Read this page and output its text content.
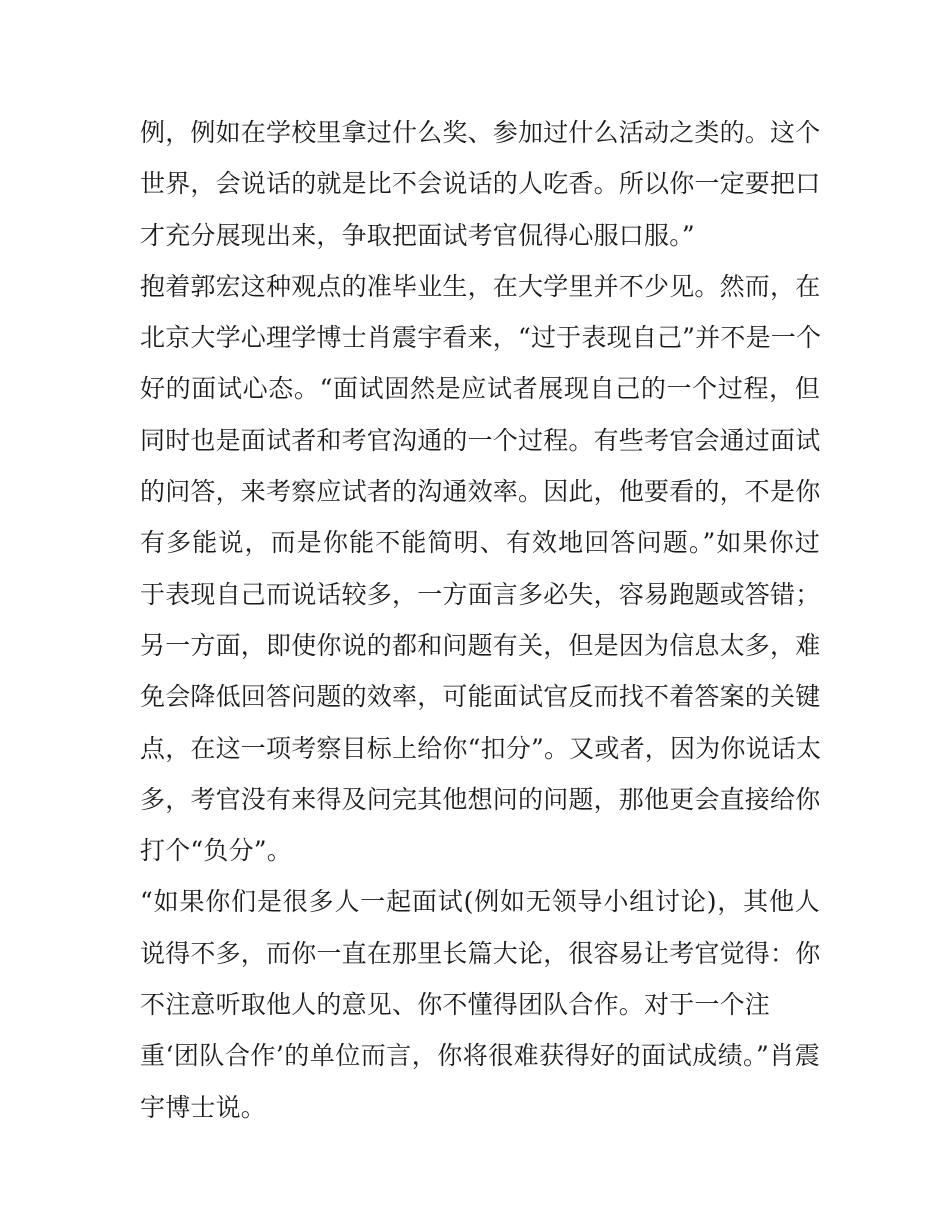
例，例如在学校里拿过什么奖、参加过什么活动之类的。这个
世界，会说话的就是比不会说话的人吃香。所以你一定要把口
才充分展现出来，争取把面试考官侃得心服口服。”
抱着郭宏这种观点的准毕业生，在大学里并不少见。然而，在
北京大学心理学博士肖震宇看来，“过于表现自己”并不是一个
好的面试心态。“面试固然是应试者展现自己的一个过程，但
同时也是面试者和考官沟通的一个过程。有些考官会通过面试
的问答，来考察应试者的沟通效率。因此，他要看的，不是你
有多能说，而是你能不能简明、有效地回答问题。”如果你过
于表现自己而说话较多，一方面言多必失，容易跑题或答错；
另一方面，即使你说的都和问题有关，但是因为信息太多，难
免会降低回答问题的效率，可能面试官反而找不着答案的关键
点，在这一项考察目标上给你“扣分”。又或者，因为你说话太
多，考官没有来得及问完其他想问的问题，那他更会直接给你
打个“负分”。
“如果你们是很多人一起面试(例如无领导小组讨论)，其他人
说得不多，而你一直在那里长篇大论，很容易让考官觉得：你
不注意听取他人的意见、你不懂得团队合作。对于一个注
重‘团队合作’的单位而言，你将很难获得好的面试成绩。”肖震
宇博士说。
